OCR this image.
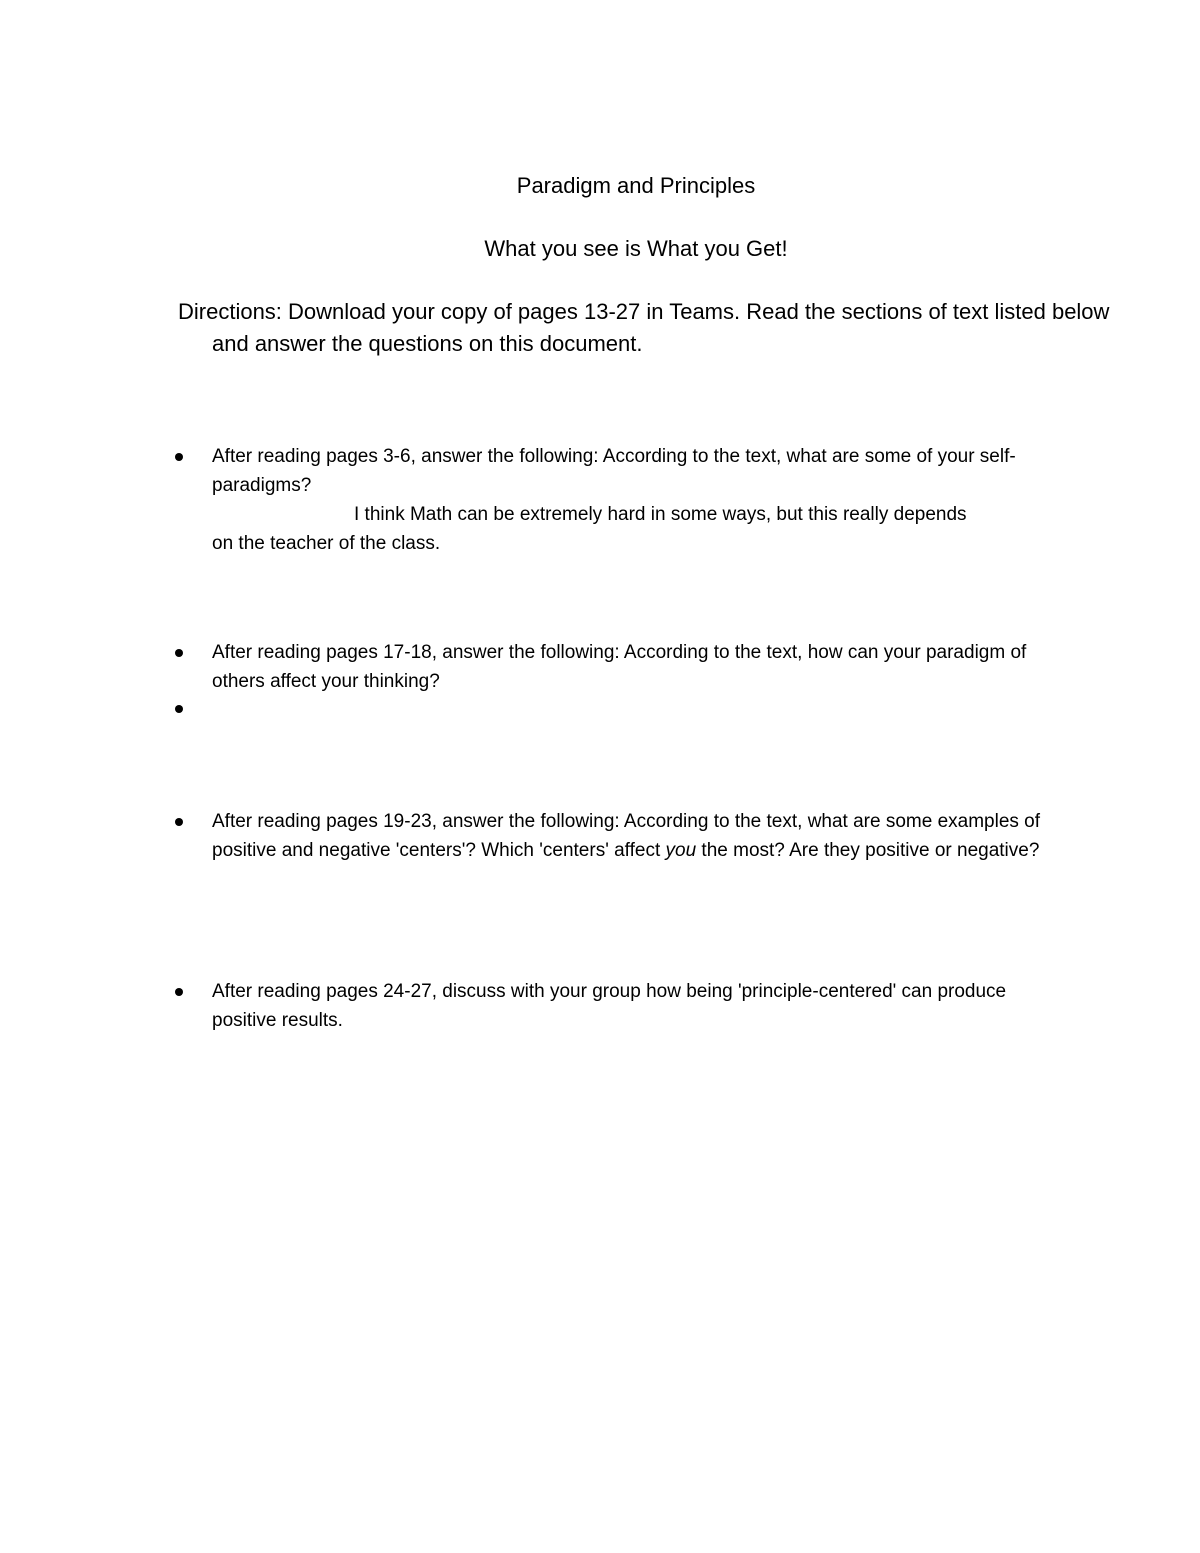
Paradigm and Principles
What you see is What you Get!
Directions: Download your copy of pages 13-27 in Teams. Read the sections of text listed below and answer the questions on this document.
After reading pages 3-6, answer the following: According to the text, what are some of your self-paradigms?
I think Math can be extremely hard in some ways, but this really depends
on the teacher of the class.
After reading pages 17-18, answer the following: According to the text, how can your paradigm of others affect your thinking?
After reading pages 19-23, answer the following: According to the text, what are some examples of positive and negative 'centers'? Which 'centers' affect you the most? Are they positive or negative?
After reading pages 24-27, discuss with your group how being 'principle-centered' can produce positive results.
